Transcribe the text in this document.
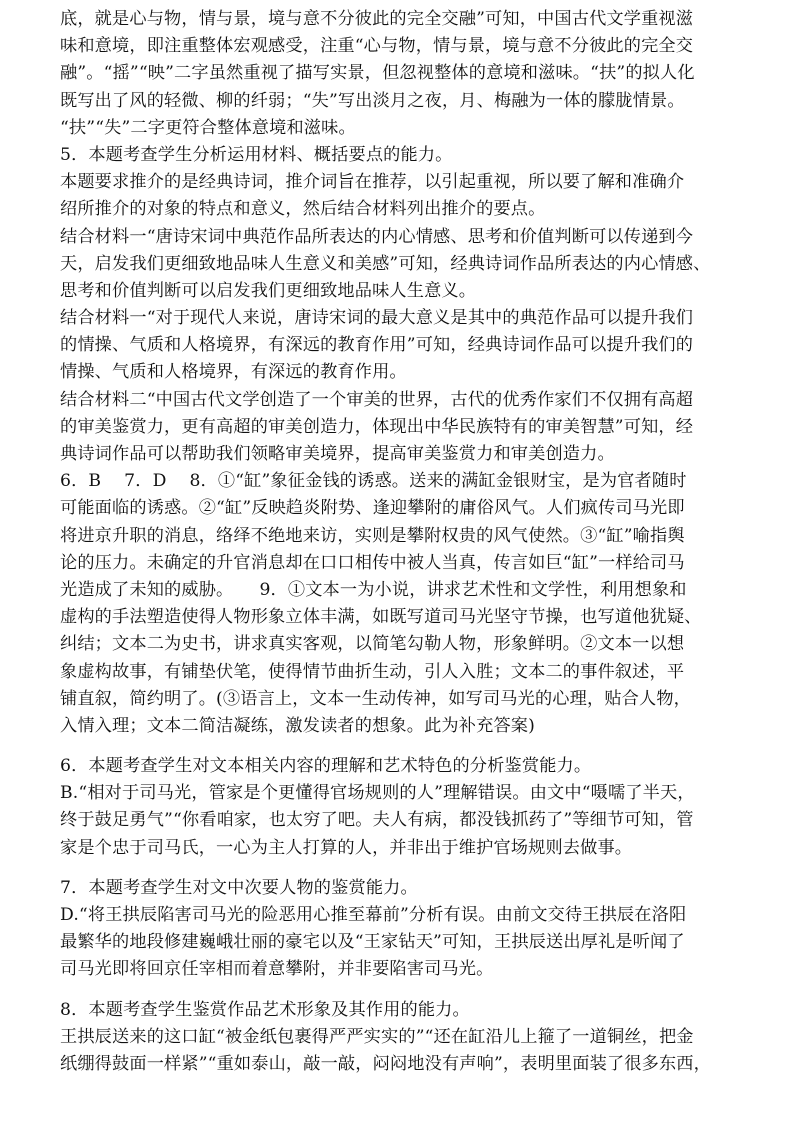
底，就是心与物，情与景，境与意不分彼此的完全交融”可知，中国古代文学重视滋
味和意境，即注重整体宏观感受，注重“心与物，情与景，境与意不分彼此的完全交
融”。“摇”“映”二字虽然重视了描写实景，但忽视整体的意境和滋味。“扶”的拟人化
既写出了风的轻微、柳的纤弱；“失”写出淡月之夜，月、梅融为一体的朦胧情景。
“扶”“失”二字更符合整体意境和滋味。
5．本题考查学生分析运用材料、概括要点的能力。
本题要求推介的是经典诗词，推介词旨在推荐，以引起重视，所以要了解和准确介
绍所推介的对象的特点和意义，然后结合材料列出推介的要点。
结合材料一“唐诗宋词中典范作品所表达的内心情感、思考和价值判断可以传递到今
天，启发我们更细致地品味人生意义和美感”可知，经典诗词作品所表达的内心情感、
思考和价值判断可以启发我们更细致地品味人生意义。
结合材料一“对于现代人来说，唐诗宋词的最大意义是其中的典范作品可以提升我们
的情操、气质和人格境界，有深远的教育作用”可知，经典诗词作品可以提升我们的
情操、气质和人格境界，有深远的教育作用。
结合材料二“中国古代文学创造了一个审美的世界，古代的优秀作家们不仅拥有高超
的审美鉴赏力，更有高超的审美创造力，体现出中华民族特有的审美智慧”可知，经
典诗词作品可以帮助我们领略审美境界，提高审美鉴赏力和审美创造力。
6．B　 7．D　 8．①“缸”象征金钱的诱惑。送来的满缸金银财宝，是为官者随时
可能面临的诱惑。②“缸”反映趋炎附势、逢迎攀附的庸俗风气。人们疯传司马光即
将进京升职的消息，络绎不绝地来访，实则是攀附权贵的风气使然。③“缸”喻指舆
论的压力。未确定的升官消息却在口口相传中被人当真，传言如巨“缸”一样给司马
光造成了未知的威胁。　　9．①文本一为小说，讲求艺术性和文学性，利用想象和
虚构的手法塑造使得人物形象立体丰满，如既写道司马光坚守节操，也写道他犹疑、
纠结；文本二为史书，讲求真实客观，以简笔勾勒人物，形象鲜明。②文本一以想
象虚构故事，有铺垫伏笔，使得情节曲折生动，引人入胜；文本二的事件叙述，平
铺直叙，简约明了。(③语言上，文本一生动传神，如写司马光的心理，贴合人物，
入情入理；文本二简洁凝练，激发读者的想象。此为补充答案)
6．本题考查学生对文本相关内容的理解和艺术特色的分析鉴赏能力。
B.“相对于司马光，管家是个更懂得官场规则的人”理解错误。由文中“嗫嚅了半天，
终于鼓足勇气”“你看咱家，也太穷了吧。夫人有病，都没钱抓药了”等细节可知，管
家是个忠于司马氏，一心为主人打算的人，并非出于维护官场规则去做事。
7．本题考查学生对文中次要人物的鉴赏能力。
D.“将王拱辰陷害司马光的险恶用心推至幕前”分析有误。由前文交待王拱辰在洛阳
最繁华的地段修建巍峨壮丽的豪宅以及“王家钻天”可知，王拱辰送出厚礼是听闻了
司马光即将回京任宰相而着意攀附，并非要陷害司马光。
8．本题考查学生鉴赏作品艺术形象及其作用的能力。
王拱辰送来的这口缸“被金纸包裹得严严实实的”“还在缸沿儿上箍了一道铜丝，把金
纸绷得鼓面一样紧”“重如泰山，敲一敲，闷闷地没有声响”，表明里面装了很多东西，
